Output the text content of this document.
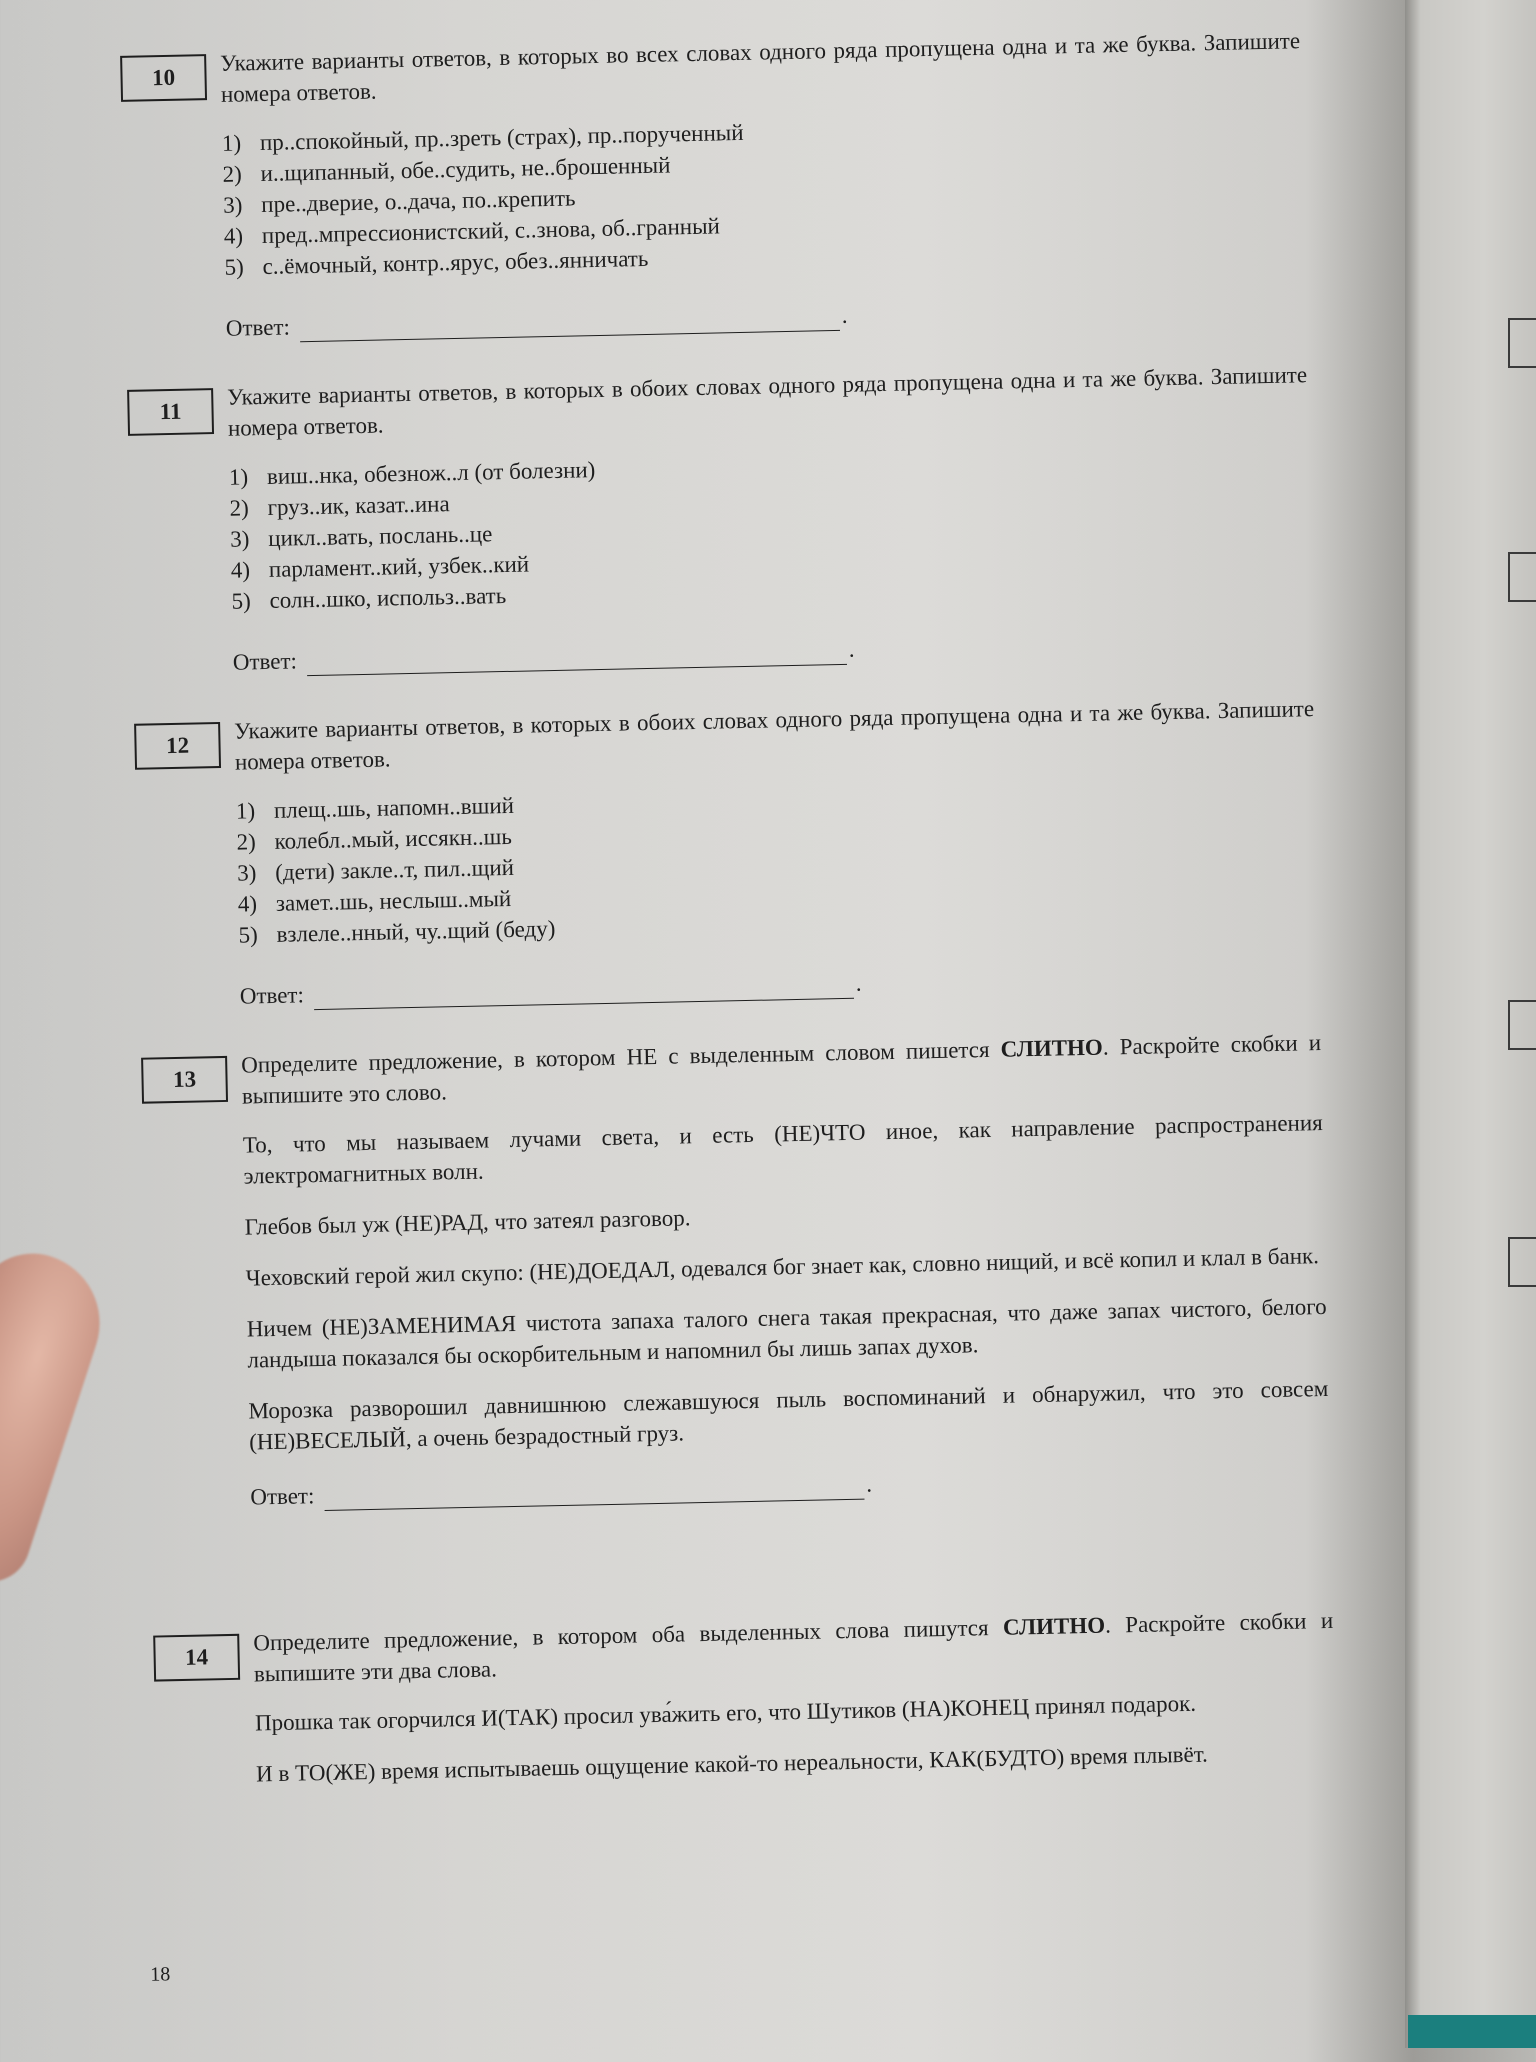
10

Укажите варианты ответов, в которых во всех словах одного ряда пропущена одна и та же буква. Запишите номера ответов.

1) пр..спокойный, пр..зреть (страх), пр..порученный
2) и..щипанный, обе..судить, не..брошенный
3) пре..дверие, о..дача, по..крепить
4) пред..мпрессионистский, с..знова, об..гранный
5) с..ёмочный, контр..ярус, обез..янничать
Ответ:	.
11

Укажите варианты ответов, в которых в обоих словах одного ряда пропущена одна и та же буква. Запишите номера ответов.

1) виш..нка, обезнож..л (от болезни)
2) груз..ик, казат..ина
3) цикл..вать, послань..це
4) парламент..кий, узбек..кий
5) солн..шко, использ..вать
Ответ:	.
12

Укажите варианты ответов, в которых в обоих словах одного ряда пропущена одна и та же буква. Запишите номера ответов.

1) плещ..шь, напомн..вший
2) колебл..мый, иссякн..шь
3) (дети) закле..т, пил..щий
4) замет..шь, неслыш..мый
5) взлеле..нный, чу..щий (беду)
Ответ:	.
13

Определите предложение, в котором НЕ с выделенным словом пишется СЛИТНО. Раскройте скобки и выпишите это слово.

То, что мы называем лучами света, и есть (НЕ)ЧТО иное, как направление распространения электромагнитных волн.

Глебов был уж (НЕ)РАД, что затеял разговор.

Чеховский герой жил скупо: (НЕ)ДОЕДАЛ, одевался бог знает как, словно нищий, и всё копил и клал в банк.

Ничем (НЕ)ЗАМЕНИМАЯ чистота запаха талого снега такая прекрасная, что даже запах чистого, белого ландыша показался бы оскорбительным и напомнил бы лишь запах духов.

Морозка разворошил давнишнюю слежавшуюся пыль воспоминаний и обнаружил, что это совсем (НЕ)ВЕСЕЛЫЙ, а очень безрадостный груз.

Ответ:	.
14

Определите предложение, в котором оба выделенных слова пишутся СЛИТНО. Раскройте скобки и выпишите эти два слова.

Прошка так огорчился И(ТАК) просил ува́жить его, что Шутиков (НА)КОНЕЦ принял подарок.

И в ТО(ЖЕ) время испытываешь ощущение какой-то нереальности, КАК(БУДТО) время плывёт.

18
